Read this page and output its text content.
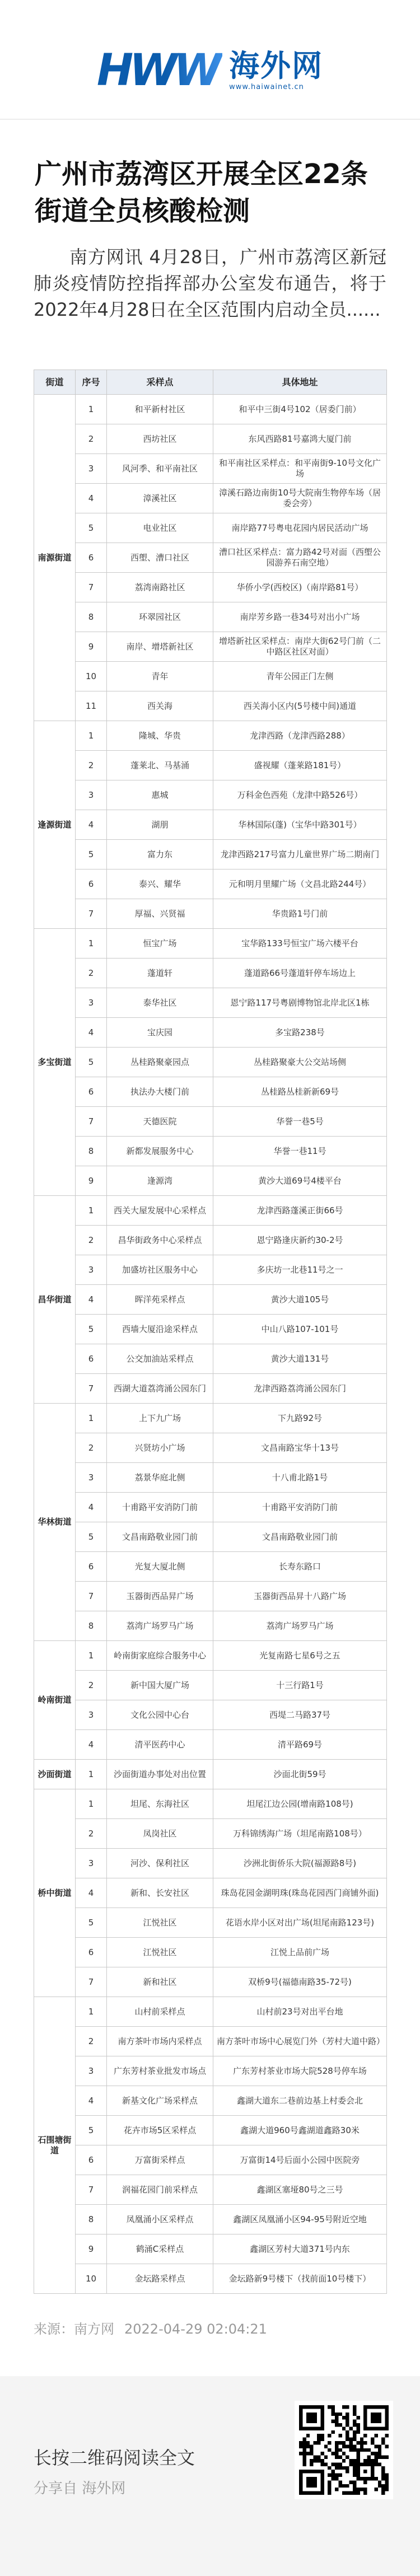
HWW 海外网
www.haiwainet.cn
广州市荔湾区开展全区22条街道全员核酸检测

南方网讯 4月28日，广州市荔湾区新冠肺炎疫情防控指挥部办公室发布通告，将于2022年4月28日在全区范围内启动全员......

街道	序号	采样点	具体地址
南源街道	1	和平新村社区	和平中三街4号102（居委门前）
	2	西坊社区	东风西路81号嘉鸿大厦门前
	3	风河季、和平南社区	和平南社区采样点：和平南街9-10号文化广场
	4	漳溪社区	漳溪石路边南街10号大院南生物停车场（居委会旁）
	5	电业社区	南岸路77号粤电花园内居民活动广场
	6	西塱、漕口社区	漕口社区采样点：富力路42号对面（西塱公园游养石南空地）
	7	荔湾南路社区	华侨小学(西校区)（南岸路81号）
	8	环翠园社区	南岸芳乡路一巷34号对出小广场
	9	南岸、增塔新社区	增塔新社区采样点：南岸大街62号门前（二中路区社区对面）
	10	青年	青年公园正门左侧
	11	西关海	西关海小区内(5号楼中间)通道
逢源街道	1	隆城、华贵	龙津西路（龙津西路288）
	2	蓬莱北、马基涌	盛视耀（蓬莱路181号）
	3	惠城	万科金色西苑（龙津中路526号）
	4	湖朋	华林国际(蓬)（宝华中路301号）
	5	富力东	龙津西路217号富力儿童世界广场二期南门
	6	泰兴、耀华	元和明月里耀广场（文昌北路244号）
	7	厚福、兴贤福	华贵路1号门前
多宝街道	1	恒宝广场	宝华路133号恒宝广场六楼平台
	2	蓬道轩	蓬道路66号蓬道轩停车场边上
	3	泰华社区	恩宁路117号粤剧博物馆北岸北区1栋
	4	宝庆园	多宝路238号
	5	丛桂路聚豪园点	丛桂路聚豪大公交站场侧
	6	执法办大楼门前	丛桂路丛桂新新69号
	7	天德医院	华誉一巷5号
	8	新都发展服务中心	华誉一巷11号
	9	逢源湾	黄沙大道69号4楼平台
昌华街道	1	西关大屋发展中心采样点	龙津西路蓬溪正街66号
	2	昌华街政务中心采样点	恩宁路逢庆新约30-2号
	3	加盛坊社区服务中心	多庆坊一北巷11号之一
	4	晖洋苑采样点	黄沙大道105号
	5	西墙大厦沿途采样点	中山八路107-101号
	6	公交加油站采样点	黄沙大道131号
	7	西湖大道荔湾涌公园东门	龙津西路荔湾涌公园东门
华林街道	1	上下九广场	下九路92号
	2	兴贤坊小广场	文昌南路宝华十13号
	3	荔景华庭北侧	十八甫北路1号
	4	十甫路平安消防门前	十甫路平安消防门前
	5	文昌南路敬业园门前	文昌南路敬业园门前
	6	光复大厦北侧	长寿东路口
	7	玉器街西品昇广场	玉器街西品昇十八路广场
	8	荔湾广场罗马广场	荔湾广场罗马广场
岭南街道	1	岭南街家庭综合服务中心	光复南路七星6号之五
	2	新中国大厦广场	十三行路1号
	3	文化公园中心台	西堤二马路37号
	4	清平医药中心	清平路69号
沙面街道	1	沙面街道办事处对出位置	沙面北街59号
桥中街道	1	坦尾、东海社区	坦尾江边公园(增南路108号)
	2	凤岗社区	万科锦绣海广场（坦尾南路108号）
	3	河沙、保利社区	沙洲北街侨乐大院(福源路8号)
	4	新和、长安社区	珠岛花园金湖明珠(珠岛花园西门商铺外面)
	5	江悦社区	花语水岸小区对出广场(坦尾南路123号)
	6	江悦社区	江悦上品前广场
	7	新和社区	双桥9号(福德南路35-72号)
石围塘街道	1	山村前采样点	山村前23号对出平台地
	2	南方茶叶市场内采样点	南方茶叶市场中心展览门外（芳村大道中路）
	3	广东芳村茶业批发市场点	广东芳村茶业市场大院528号停车场
	4	新基文化广场采样点	鑫湖大道东二巷前边基上村委会北
	5	花卉市场5区采样点	鑫湖大道960号鑫湖道鑫路30米
	6	万富街采样点	万富街14号后面小公园中医院旁
	7	润福花园门前采样点	鑫湖区塞垭80号之三号
	8	凤凰涌小区采样点	鑫湖区凤凰涌小区94-95号附近空地
	9	鹤涌C采样点	鑫湖区芳村大道371号内东
	10	金坛路采样点	金坛路新9号楼下（找前面10号楼下）
来源：南方网 2022-04-29 02:04:21
长按二维码阅读全文
分享自 海外网
